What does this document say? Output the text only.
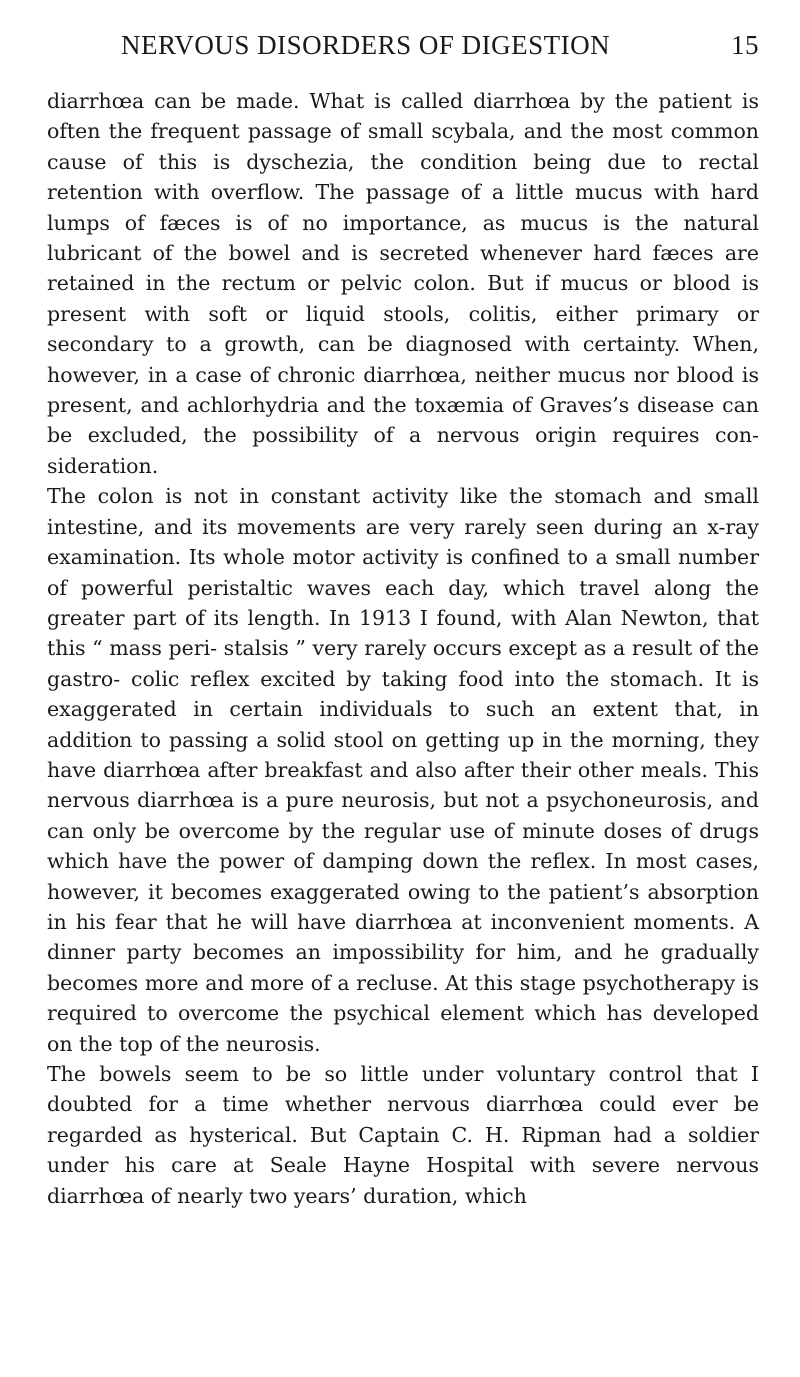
NERVOUS DISORDERS OF DIGESTION	15

diarrhœa can be made. What is called diarrhœa by the patient is often the frequent passage of small scybala, and the most common cause of this is dyschezia, the condition being due to rectal retention with overflow. The passage of a little mucus with hard lumps of fæces is of no importance, as mucus is the natural lubricant of the bowel and is secreted whenever hard fæces are retained in the rectum or pelvic colon. But if mucus or blood is present with soft or liquid stools, colitis, either primary or secondary to a growth, can be diagnosed with certainty. When, however, in a case of chronic diarrhœa, neither mucus nor blood is present, and achlorhydria and the toxæmia of Graves’s disease can be excluded, the possibility of a nervous origin requires con- sideration.

The colon is not in constant activity like the stomach and small intestine, and its movements are very rarely seen during an x-ray examination. Its whole motor activity is confined to a small number of powerful peristaltic waves each day, which travel along the greater part of its length. In 1913 I found, with Alan Newton, that this “ mass peri- stalsis ” very rarely occurs except as a result of the gastro- colic reflex excited by taking food into the stomach. It is exaggerated in certain individuals to such an extent that, in addition to passing a solid stool on getting up in the morning, they have diarrhœa after breakfast and also after their other meals. This nervous diarrhœa is a pure neurosis, but not a psychoneurosis, and can only be overcome by the regular use of minute doses of drugs which have the power of damping down the reflex. In most cases, however, it becomes exaggerated owing to the patient’s absorption in his fear that he will have diarrhœa at inconvenient moments. A dinner party becomes an impossibility for him, and he gradually becomes more and more of a recluse. At this stage psychotherapy is required to overcome the psychical element which has developed on the top of the neurosis.

The bowels seem to be so little under voluntary control that I doubted for a time whether nervous diarrhœa could ever be regarded as hysterical. But Captain C. H. Ripman had a soldier under his care at Seale Hayne Hospital with severe nervous diarrhœa of nearly two years’ duration, which
